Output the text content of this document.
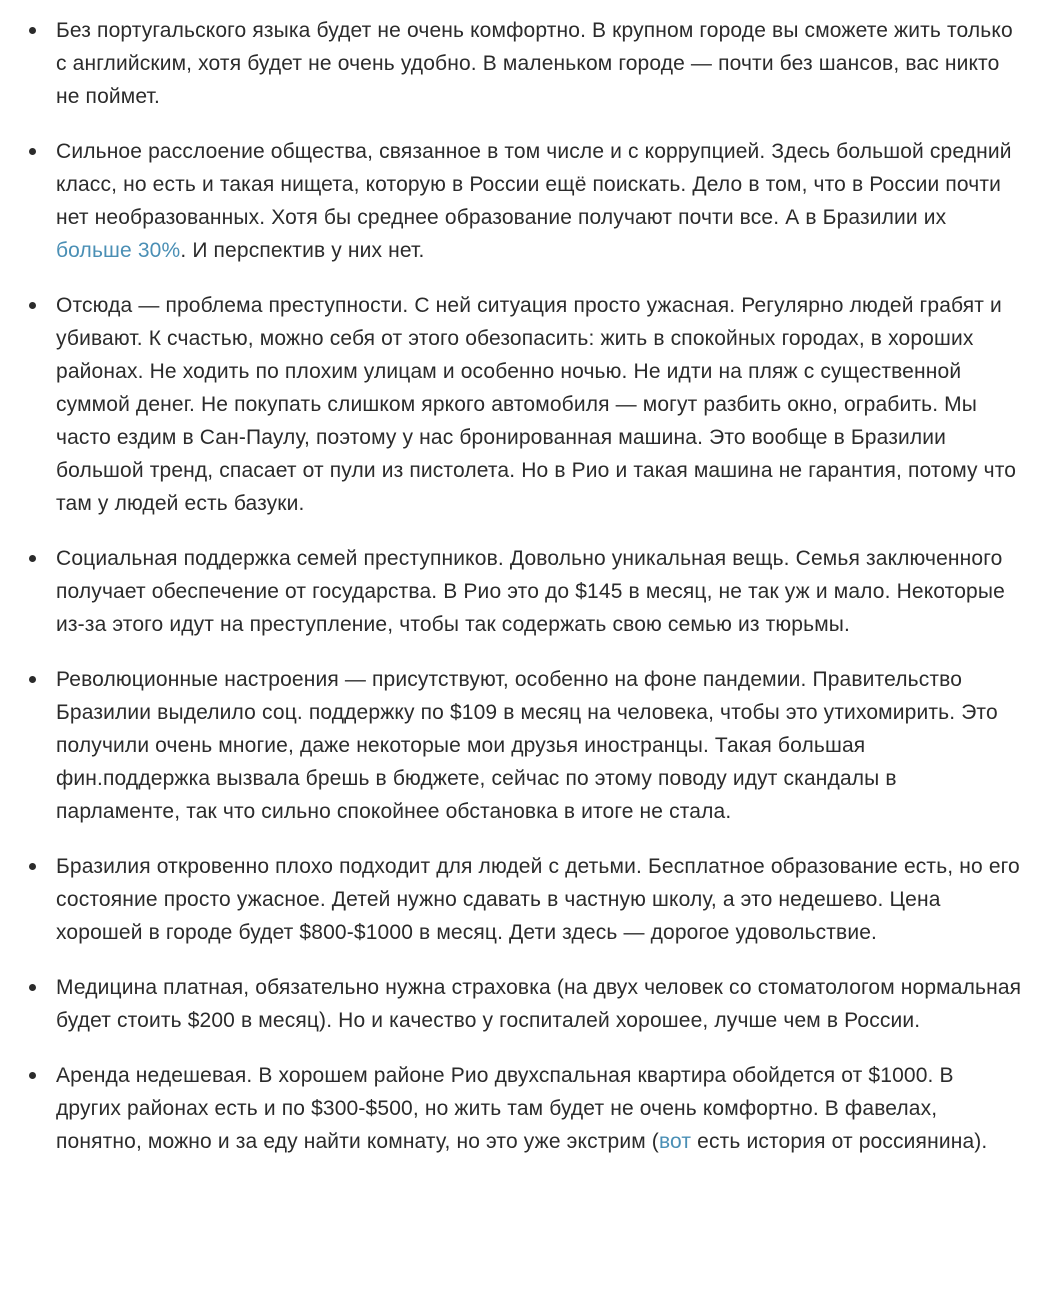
Без португальского языка будет не очень комфортно. В крупном городе вы сможете жить только с английским, хотя будет не очень удобно. В маленьком городе — почти без шансов, вас никто не поймет.
Сильное расслоение общества, связанное в том числе и с коррупцией. Здесь большой средний класс, но есть и такая нищета, которую в России ещё поискать. Дело в том, что в России почти нет необразованных. Хотя бы среднее образование получают почти все. А в Бразилии их больше 30%. И перспектив у них нет.
Отсюда — проблема преступности. С ней ситуация просто ужасная. Регулярно людей грабят и убивают. К счастью, можно себя от этого обезопасить: жить в спокойных городах, в хороших районах. Не ходить по плохим улицам и особенно ночью. Не идти на пляж с существенной суммой денег. Не покупать слишком яркого автомобиля — могут разбить окно, ограбить. Мы часто ездим в Сан-Паулу, поэтому у нас бронированная машина. Это вообще в Бразилии большой тренд, спасает от пули из пистолета. Но в Рио и такая машина не гарантия, потому что там у людей есть базуки.
Социальная поддержка семей преступников. Довольно уникальная вещь. Семья заключенного получает обеспечение от государства. В Рио это до $145 в месяц, не так уж и мало. Некоторые из-за этого идут на преступление, чтобы так содержать свою семью из тюрьмы.
Революционные настроения — присутствуют, особенно на фоне пандемии. Правительство Бразилии выделило соц. поддержку по $109 в месяц на человека, чтобы это утихомирить. Это получили очень многие, даже некоторые мои друзья иностранцы. Такая большая фин.поддержка вызвала брешь в бюджете, сейчас по этому поводу идут скандалы в парламенте, так что сильно спокойнее обстановка в итоге не стала.
Бразилия откровенно плохо подходит для людей с детьми. Бесплатное образование есть, но его состояние просто ужасное. Детей нужно сдавать в частную школу, а это недешево. Цена хорошей в городе будет $800-$1000 в месяц. Дети здесь — дорогое удовольствие.
Медицина платная, обязательно нужна страховка (на двух человек со стоматологом нормальная будет стоить $200 в месяц). Но и качество у госпиталей хорошее, лучше чем в России.
Аренда недешевая. В хорошем районе Рио двухспальная квартира обойдется от $1000. В других районах есть и по $300-$500, но жить там будет не очень комфортно. В фавелах, понятно, можно и за еду найти комнату, но это уже экстрим (вот есть история от россиянина).
